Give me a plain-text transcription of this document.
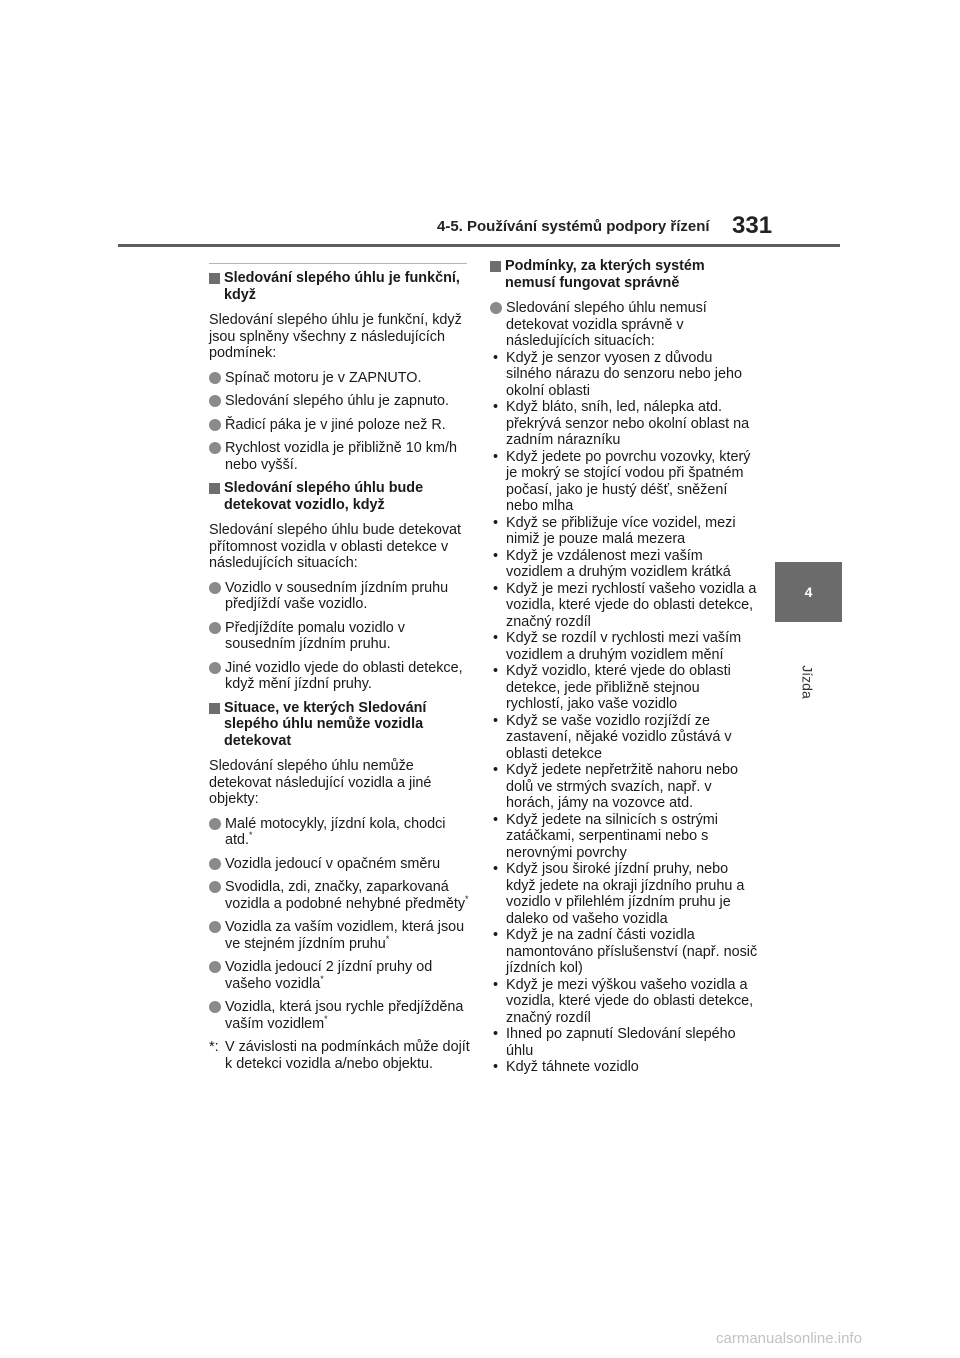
4-5. Používání systémů podpory řízení 331
4
Jízda
Sledování slepého úhlu je funkční, když
Sledování slepého úhlu je funkční, když jsou splněny všechny z následujících podmínek:
Spínač motoru je v ZAPNUTO.
Sledování slepého úhlu je zapnuto.
Řadicí páka je v jiné poloze než R.
Rychlost vozidla je přibližně 10 km/h nebo vyšší.
Sledování slepého úhlu bude detekovat vozidlo, když
Sledování slepého úhlu bude detekovat přítomnost vozidla v oblasti detekce v následujících situacích:
Vozidlo v sousedním jízdním pruhu předjíždí vaše vozidlo.
Předjíždíte pomalu vozidlo v sousedním jízdním pruhu.
Jiné vozidlo vjede do oblasti detekce, když mění jízdní pruhy.
Situace, ve kterých Sledování slepého úhlu nemůže vozidla detekovat
Sledování slepého úhlu nemůže detekovat následující vozidla a jiné objekty:
Malé motocykly, jízdní kola, chodci atd.*
Vozidla jedoucí v opačném směru
Svodidla, zdi, značky, zaparkovaná vozidla a podobné nehybné předměty*
Vozidla za vaším vozidlem, která jsou ve stejném jízdním pruhu*
Vozidla jedoucí 2 jízdní pruhy od vašeho vozidla*
Vozidla, která jsou rychle předjížděna vaším vozidlem*
*: V závislosti na podmínkách může dojít k detekci vozidla a/nebo objektu.
Podmínky, za kterých systém nemusí fungovat správně
Sledování slepého úhlu nemusí detekovat vozidla správně v následujících situacích:
• Když je senzor vyosen z důvodu silného nárazu do senzoru nebo jeho okolní oblasti
• Když bláto, sníh, led, nálepka atd. překrývá senzor nebo okolní oblast na zadním nárazníku
• Když jedete po povrchu vozovky, který je mokrý se stojící vodou při špatném počasí, jako je hustý déšť, sněžení nebo mlha
• Když se přibližuje více vozidel, mezi nimiž je pouze malá mezera
• Když je vzdálenost mezi vaším vozidlem a druhým vozidlem krátká
• Když je mezi rychlostí vašeho vozidla a vozidla, které vjede do oblasti detekce, značný rozdíl
• Když se rozdíl v rychlosti mezi vaším vozidlem a druhým vozidlem mění
• Když vozidlo, které vjede do oblasti detekce, jede přibližně stejnou rychlostí, jako vaše vozidlo
• Když se vaše vozidlo rozjíždí ze zastavení, nějaké vozidlo zůstává v oblasti detekce
• Když jedete nepřetržitě nahoru nebo dolů ve strmých svazích, např. v horách, jámy na vozovce atd.
• Když jedete na silnicích s ostrými zatáčkami, serpentinami nebo s nerovnými povrchy
• Když jsou široké jízdní pruhy, nebo když jedete na okraji jízdního pruhu a vozidlo v přilehlém jízdním pruhu je daleko od vašeho vozidla
• Když je na zadní části vozidla namontováno příslušenství (např. nosič jízdních kol)
• Když je mezi výškou vašeho vozidla a vozidla, které vjede do oblasti detekce, značný rozdíl
• Ihned po zapnutí Sledování slepého úhlu
• Když táhnete vozidlo
carmanualsonline.info
